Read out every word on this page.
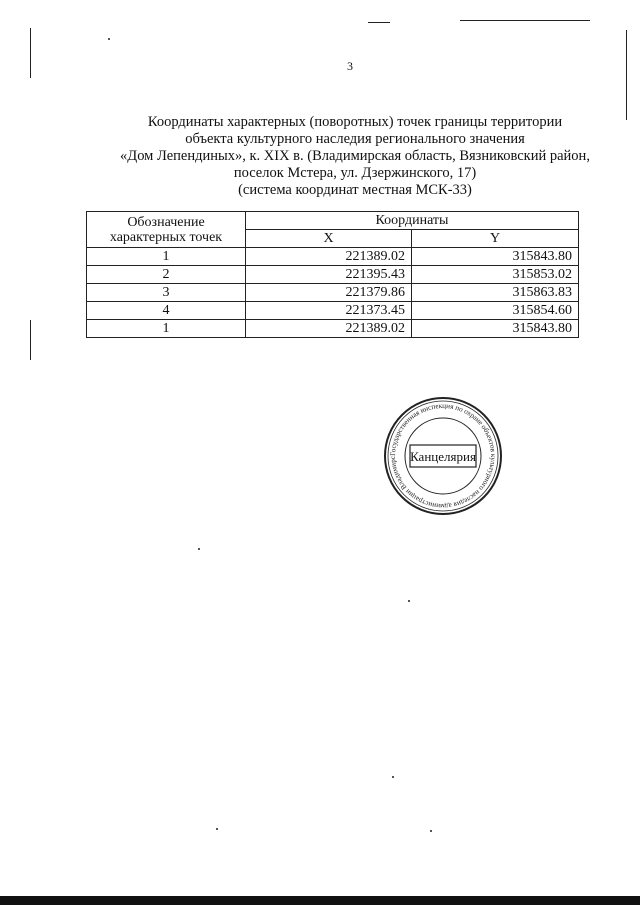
3
Координаты характерных (поворотных) точек границы территории
объекта культурного наследия регионального значения
«Дом Лепендиных», к. XIX в. (Владимирская область, Вязниковский район,
поселок Мстера, ул. Дзержинского, 17)
(система координат местная МСК-33)
Обозначение характерных точек	Координаты	
	X	Y
1	221389.02	315843.80
2	221395.43	315853.02
3	221379.86	315863.83
4	221373.45	315854.60
1	221389.02	315843.80
Государственная инспекция по охране объектов культурного наследия администрации Владимирс Канцелярия
